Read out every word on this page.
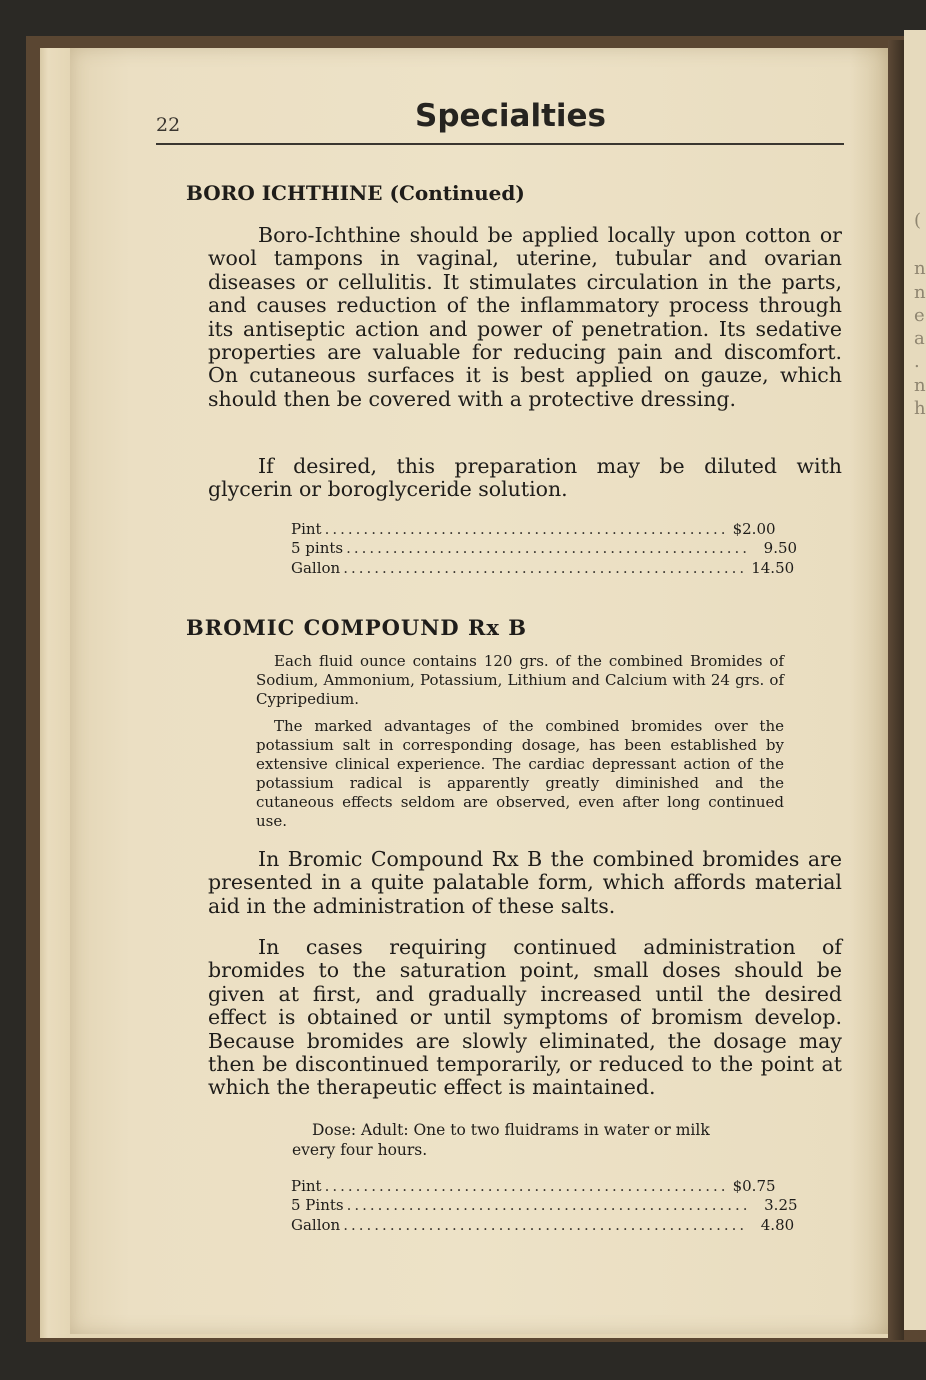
(
n
n
e
a
.
n
h
22	Specialties
BORO ICHTHINE (Continued)

Boro-Ichthine should be applied locally upon cotton or wool tampons in vaginal, uterine, tubular and ovarian diseases or cellulitis. It stimulates circulation in the parts, and causes reduction of the inflammatory process through its antiseptic action and power of penetration. Its sedative properties are valuable for reducing pain and discomfort. On cutaneous surfaces it is best applied on gauze, which should then be covered with a protective dressing.

If desired, this preparation may be diluted with glycerin or boroglyceride solution.

Pint .................................................... $2.00
5 pints .................................................... 9.50
Gallon .................................................... 14.50
BROMIC COMPOUND Rx B

Each fluid ounce contains 120 grs. of the combined Bromides of Sodium, Ammonium, Potassium, Lithium and Calcium with 24 grs. of Cypripedium.

The marked advantages of the combined bromides over the potassium salt in corresponding dosage, has been established by extensive clinical experience. The cardiac depressant action of the potassium radical is apparently greatly diminished and the cutaneous effects seldom are observed, even after long continued use.

In Bromic Compound Rx B the combined bromides are presented in a quite palatable form, which affords material aid in the administration of these salts.

In cases requiring continued administration of bromides to the saturation point, small doses should be given at first, and gradually increased until the desired effect is obtained or until symptoms of bromism develop. Because bromides are slowly eliminated, the dosage may then be discontinued temporarily, or reduced to the point at which the therapeutic effect is maintained.

Dose: Adult: One to two fluidrams in water or milk every four hours.

Pint .................................................... $0.75
5 Pints .................................................... 3.25
Gallon .................................................... 4.80
